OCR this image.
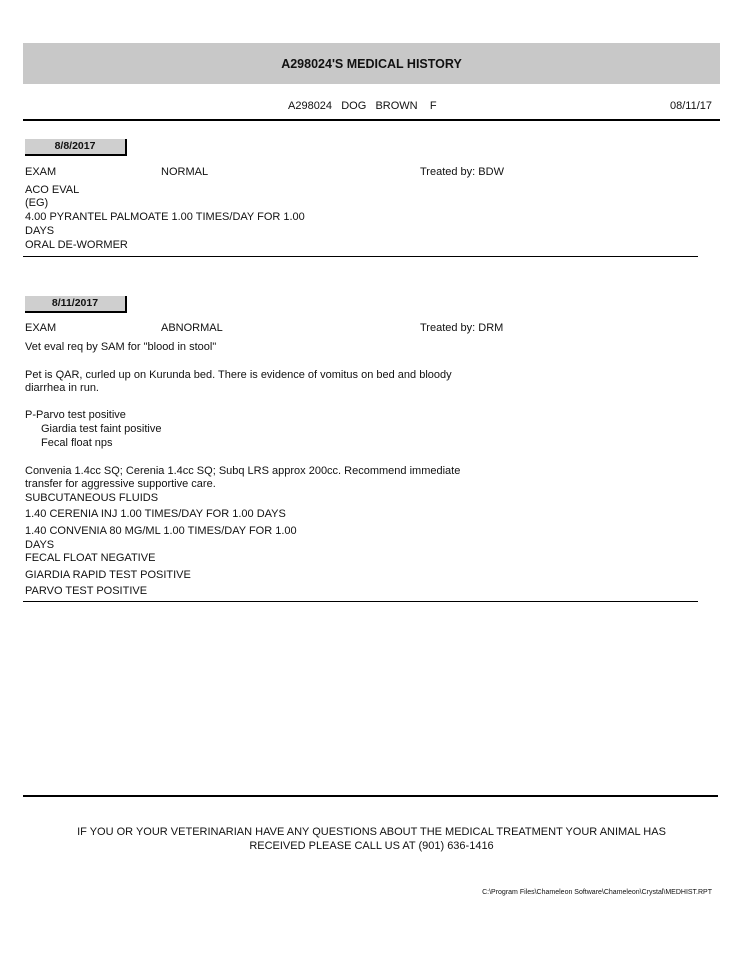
A298024'S MEDICAL HISTORY
A298024 DOG BROWN F	08/11/17
8/8/2017
EXAM	NORMAL	Treated by: BDW
ACO EVAL
(EG)
4.00 PYRANTEL PALMOATE 1.00 TIMES/DAY FOR 1.00
DAYS
ORAL DE-WORMER
8/11/2017
EXAM	ABNORMAL	Treated by: DRM
Vet eval req by SAM for "blood in stool"
Pet is QAR, curled up on Kurunda bed. There is evidence of vomitus on bed and bloody
diarrhea in run.
P-Parvo test positive
Giardia test faint positive
Fecal float nps
Convenia 1.4cc SQ; Cerenia 1.4cc SQ; Subq LRS approx 200cc. Recommend immediate
transfer for aggressive supportive care.
SUBCUTANEOUS FLUIDS
1.40 CERENIA INJ 1.00 TIMES/DAY FOR 1.00 DAYS
1.40 CONVENIA 80 MG/ML 1.00 TIMES/DAY FOR 1.00
DAYS
FECAL FLOAT NEGATIVE
GIARDIA RAPID TEST POSITIVE
PARVO TEST POSITIVE
IF YOU OR YOUR VETERINARIAN HAVE ANY QUESTIONS ABOUT THE MEDICAL TREATMENT YOUR ANIMAL HAS
RECEIVED PLEASE CALL US AT (901) 636-1416
C:\Program Files\Chameleon Software\Chameleon\Crystal\MEDHIST.RPT
